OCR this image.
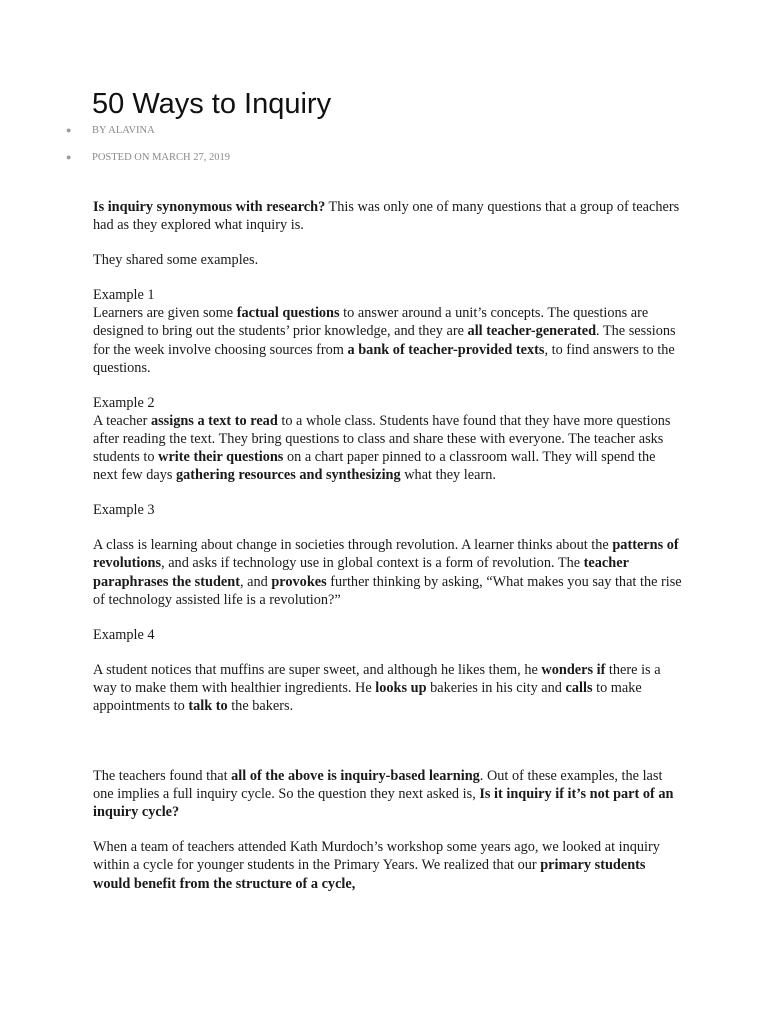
50 Ways to Inquiry
● BY ALAVINA
● POSTED ON MARCH 27, 2019

Is inquiry synonymous with research? This was only one of many questions that a group of teachers had as they explored what inquiry is.

They shared some examples.

Example 1

Learners are given some factual questions to answer around a unit’s concepts. The questions are designed to bring out the students’ prior knowledge, and they are all teacher-generated. The sessions for the week involve choosing sources from a bank of teacher-provided texts, to find answers to the questions.

Example 2

A teacher assigns a text to read to a whole class. Students have found that they have more questions after reading the text. They bring questions to class and share these with everyone. The teacher asks students to write their questions on a chart paper pinned to a classroom wall. They will spend the next few days gathering resources and synthesizing what they learn.

Example 3

A class is learning about change in societies through revolution. A learner thinks about the patterns of revolutions, and asks if technology use in global context is a form of revolution. The teacher paraphrases the student, and provokes further thinking by asking, “What makes you say that the rise of technology assisted life is a revolution?”

Example 4

A student notices that muffins are super sweet, and although he likes them, he wonders if there is a way to make them with healthier ingredients. He looks up bakeries in his city and calls to make appointments to talk to the bakers.

The teachers found that all of the above is inquiry-based learning. Out of these examples, the last one implies a full inquiry cycle. So the question they next asked is, Is it inquiry if it’s not part of an inquiry cycle?

When a team of teachers attended Kath Murdoch’s workshop some years ago, we looked at inquiry within a cycle for younger students in the Primary Years. We realized that our primary students would benefit from the structure of a cycle,
